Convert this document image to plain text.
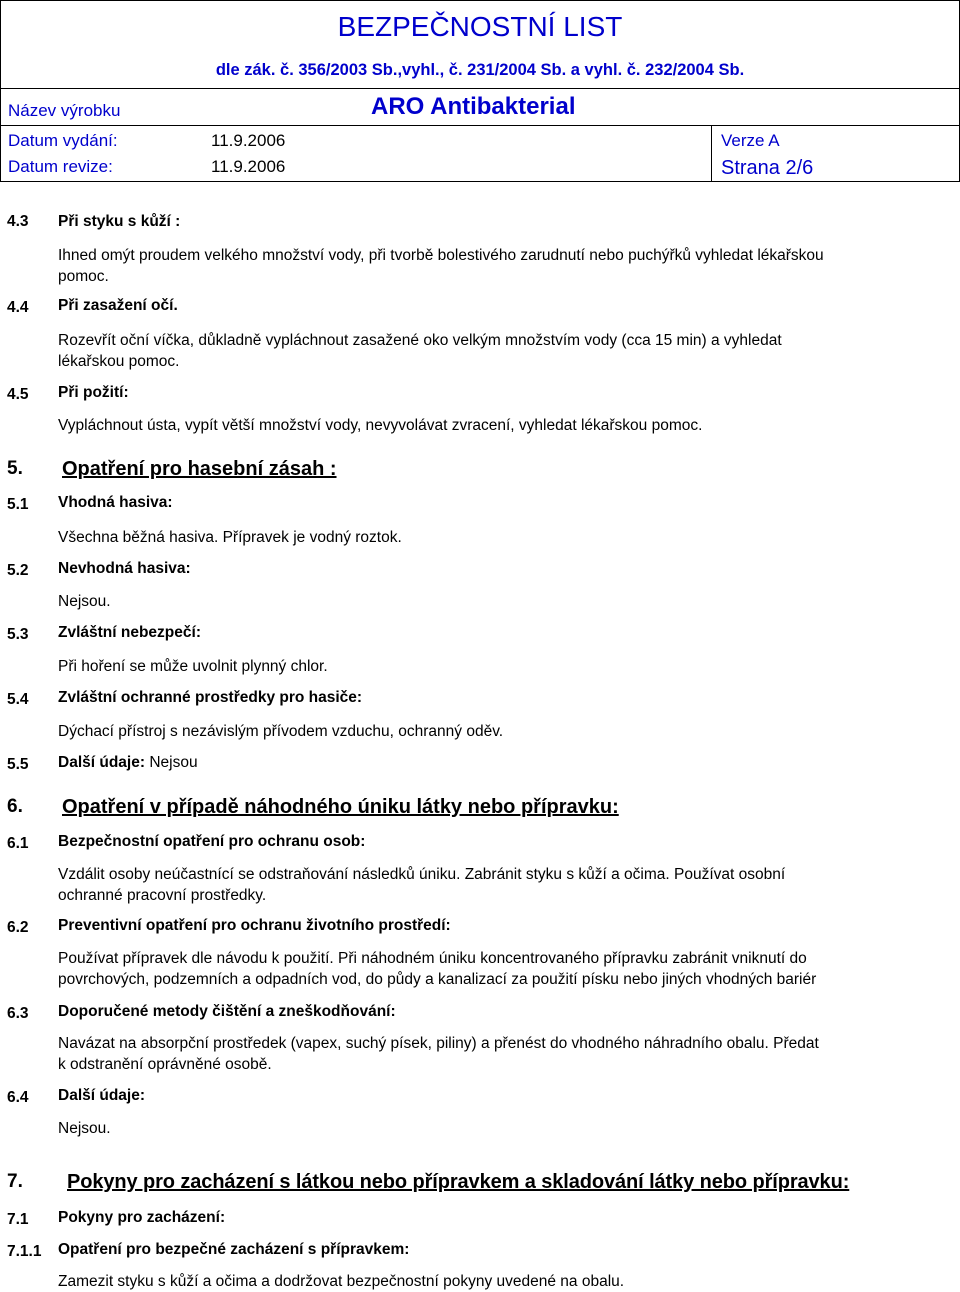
BEZPEČNOSTNÍ LIST
dle zák. č. 356/2003 Sb.,vyhl., č. 231/2004 Sb. a vyhl. č. 232/2004 Sb.
Název výrobku	ARO Antibakterial
Datum vydání:	11.9.2006
Datum revize:	11.9.2006
Verze A
Strana 2/6
4.3 Při styku s kůží :
Ihned omýt proudem velkého množství vody, při tvorbě bolestivého zarudnutí nebo puchýřků vyhledat lékařskou
pomoc.
4.4 Při zasažení očí.
Rozevřít oční víčka, důkladně vypláchnout zasažené oko velkým množstvím vody (cca 15 min) a vyhledat
lékařskou pomoc.
4.5 Při požití:
Vypláchnout ústa, vypít větší množství vody, nevyvolávat zvracení, vyhledat lékařskou pomoc.
5. Opatření pro hasební zásah :
5.1 Vhodná hasiva:
Všechna běžná hasiva. Přípravek je vodný roztok.
5.2 Nevhodná hasiva:
Nejsou.
5.3 Zvláštní nebezpečí:
Při hoření se může uvolnit plynný chlor.
5.4 Zvláštní ochranné prostředky pro hasiče:
Dýchací přístroj s nezávislým přívodem vzduchu, ochranný oděv.
5.5 Další údaje: Nejsou
6. Opatření v případě náhodného úniku látky nebo přípravku:
6.1 Bezpečnostní opatření pro ochranu osob:
Vzdálit osoby neúčastnící se odstraňování následků úniku. Zabránit styku s kůží a očima. Používat osobní
ochranné pracovní prostředky.
6.2 Preventivní opatření pro ochranu životního prostředí:
Používat přípravek dle návodu k použití. Při náhodném úniku koncentrovaného přípravku zabránit vniknutí do
povrchových, podzemních a odpadních vod, do půdy a kanalizací za použití písku nebo jiných vhodných bariér
6.3 Doporučené metody čištění a zneškodňování:
Navázat na absorpční prostředek (vapex, suchý písek, piliny) a přenést do vhodného náhradního obalu. Předat
k odstranění oprávněné osobě.
6.4 Další údaje:
Nejsou.
7. Pokyny pro zacházení s látkou nebo přípravkem a skladování látky nebo přípravku:
7.1 Pokyny pro zacházení:
7.1.1 Opatření pro bezpečné zacházení s přípravkem:
Zamezit styku s kůží a očima a dodržovat bezpečnostní pokyny uvedené na obalu.
